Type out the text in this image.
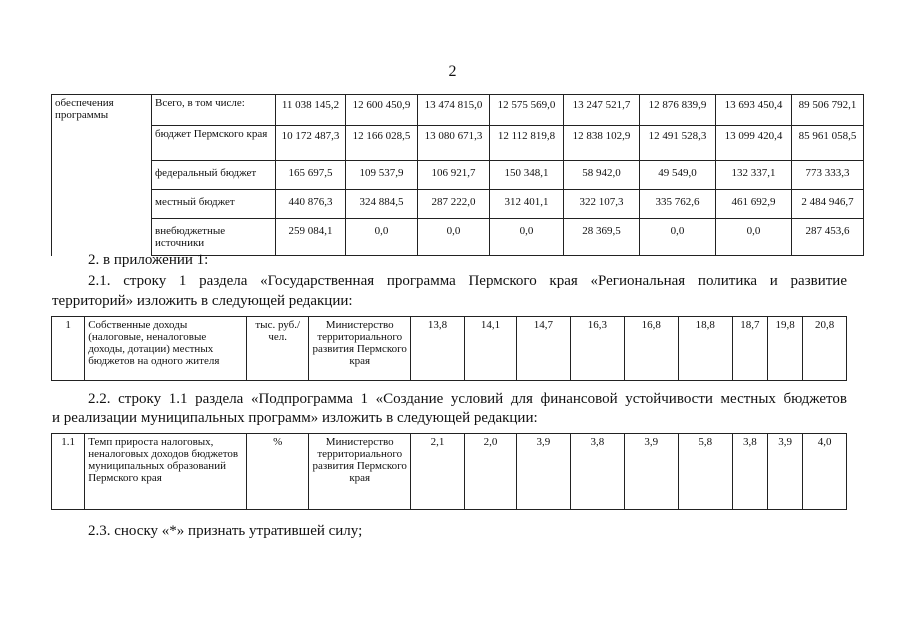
2
обеспечения программы	Всего, в том числе:	11 038 145,2	12 600 450,9	13 474 815,0	12 575 569,0	13 247 521,7	12 876 839,9	13 693 450,4	89 506 792,1
	бюджет Пермского края	10 172 487,3	12 166 028,5	13 080 671,3	12 112 819,8	12 838 102,9	12 491 528,3	13 099 420,4	85 961 058,5
	федеральный бюджет	165 697,5	109 537,9	106 921,7	150 348,1	58 942,0	49 549,0	132 337,1	773 333,3
	местный бюджет	440 876,3	324 884,5	287 222,0	312 401,1	322 107,3	335 762,6	461 692,9	2 484 946,7
	внебюджетные источники	259 084,1	0,0	0,0	0,0	28 369,5	0,0	0,0	287 453,6
2. в приложении 1:
2.1. строку 1 раздела «Государственная программа Пермского края «Региональная политика и развитие
территорий» изложить в следующей редакции:
1	Собственные доходы (налоговые, неналоговые доходы, дотации) местных бюджетов на одного жителя	тыс. руб./чел.	Министерство территориального развития Пермского края	13,8	14,1	14,7	16,3	16,8	18,8	18,7	19,8	20,8
2.2. строку 1.1 раздела «Подпрограмма 1 «Создание условий для финансовой устойчивости местных бюджетов
и реализации муниципальных программ» изложить в следующей редакции:
1.1	Темп прироста налоговых, неналоговых доходов бюджетов муниципальных образований Пермского края	%	Министерство территориального развития Пермского края	2,1	2,0	3,9	3,8	3,9	5,8	3,8	3,9	4,0
2.3. сноску «*» признать утратившей силу;
